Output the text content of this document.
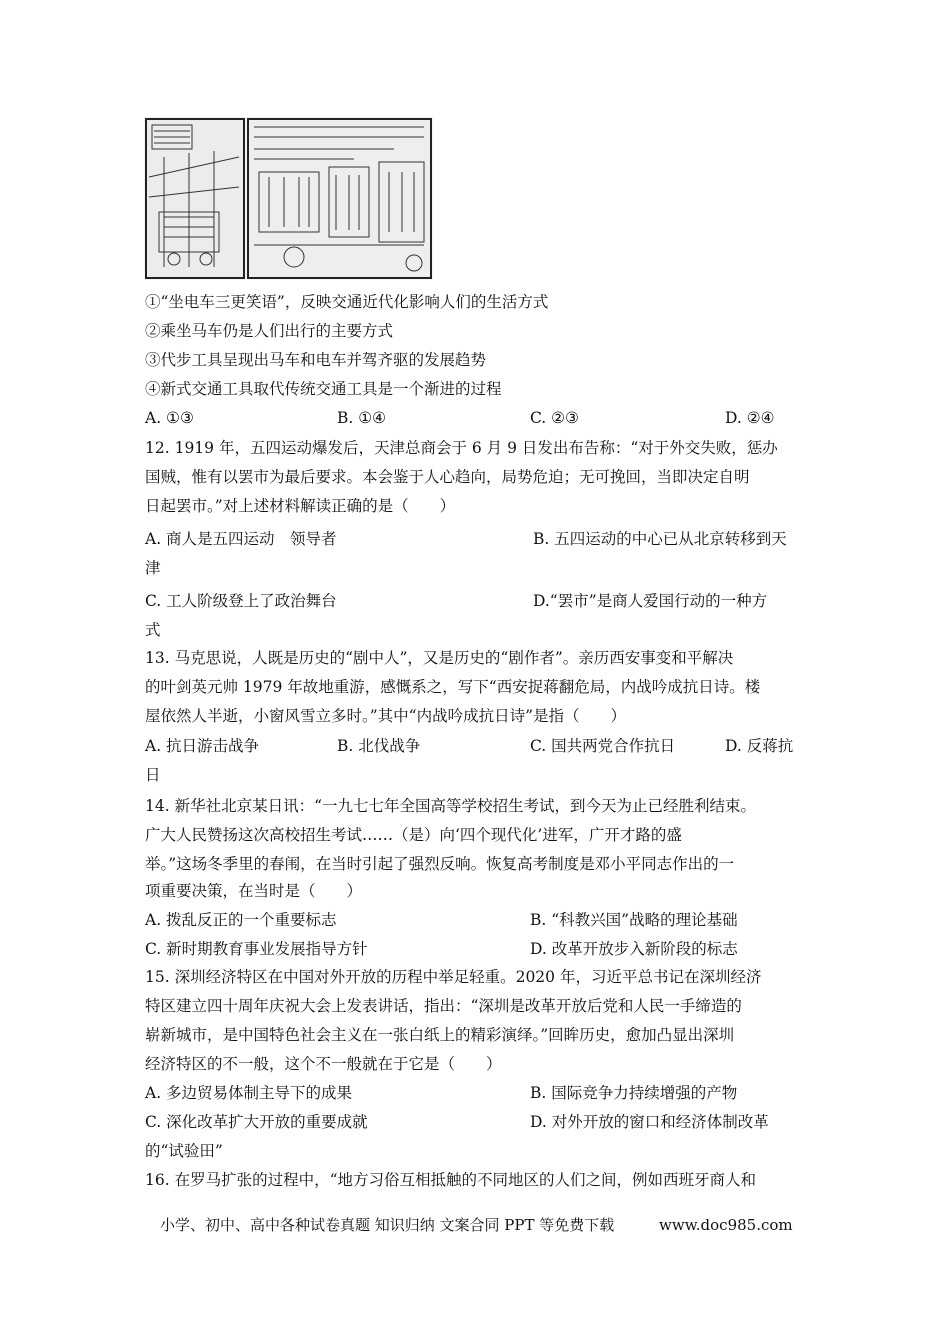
①“坐电车三更笑语”，反映交通近代化影响人们的生活方式
②乘坐马车仍是人们出行的主要方式
③代步工具呈现出马车和电车并驾齐驱的发展趋势
④新式交通工具取代传统交通工具是一个渐进的过程
A. ①③	B. ①④	C. ②③	D. ②④
12. 1919 年，五四运动爆发后，天津总商会于 6 月 9 日发出布告称：“对于外交失败，惩办
国贼，惟有以罢市为最后要求。本会鉴于人心趋向，局势危迫；无可挽回，当即决定自明
日起罢市。”对上述材料解读正确的是（　　）
A. 商人是五四运动　领导者	B. 五四运动的中心已从北京转移到天
津
C. 工人阶级登上了政治舞台	D.“罢市”是商人爱国行动的一种方
式
13. 马克思说，人既是历史的“剧中人”，又是历史的“剧作者”。亲历西安事变和平解决
的叶剑英元帅 1979 年故地重游，感慨系之，写下“西安捉蒋翻危局，内战吟成抗日诗。楼
屋依然人半逝，小窗风雪立多时。”其中“内战吟成抗日诗”是指（　　）
A. 抗日游击战争	B. 北伐战争	C. 国共两党合作抗日	D. 反蒋抗
日
14. 新华社北京某日讯：“一九七七年全国高等学校招生考试，到今天为止已经胜利结束。
广大人民赞扬这次高校招生考试……（是）向‘四个现代化’进军，广开才路的盛
举。”这场冬季里的春闱，在当时引起了强烈反响。恢复高考制度是邓小平同志作出的一
项重要决策，在当时是（　　）
A. 拨乱反正的一个重要标志	B. “科教兴国”战略的理论基础
C. 新时期教育事业发展指导方针	D. 改革开放步入新阶段的标志
15. 深圳经济特区在中国对外开放的历程中举足轻重。2020 年，习近平总书记在深圳经济
特区建立四十周年庆祝大会上发表讲话，指出：“深圳是改革开放后党和人民一手缔造的
崭新城市，是中国特色社会主义在一张白纸上的精彩演绎。”回眸历史，愈加凸显出深圳
经济特区的不一般，这个不一般就在于它是（　　）
A. 多边贸易体制主导下的成果	B. 国际竞争力持续增强的产物
C. 深化改革扩大开放的重要成就	D. 对外开放的窗口和经济体制改革
的“试验田”
16. 在罗马扩张的过程中，“地方习俗互相抵触的不同地区的人们之间，例如西班牙商人和
小学、初中、高中各种试卷真题 知识归纳 文案合同 PPT 等免费下载	www.doc985.com
